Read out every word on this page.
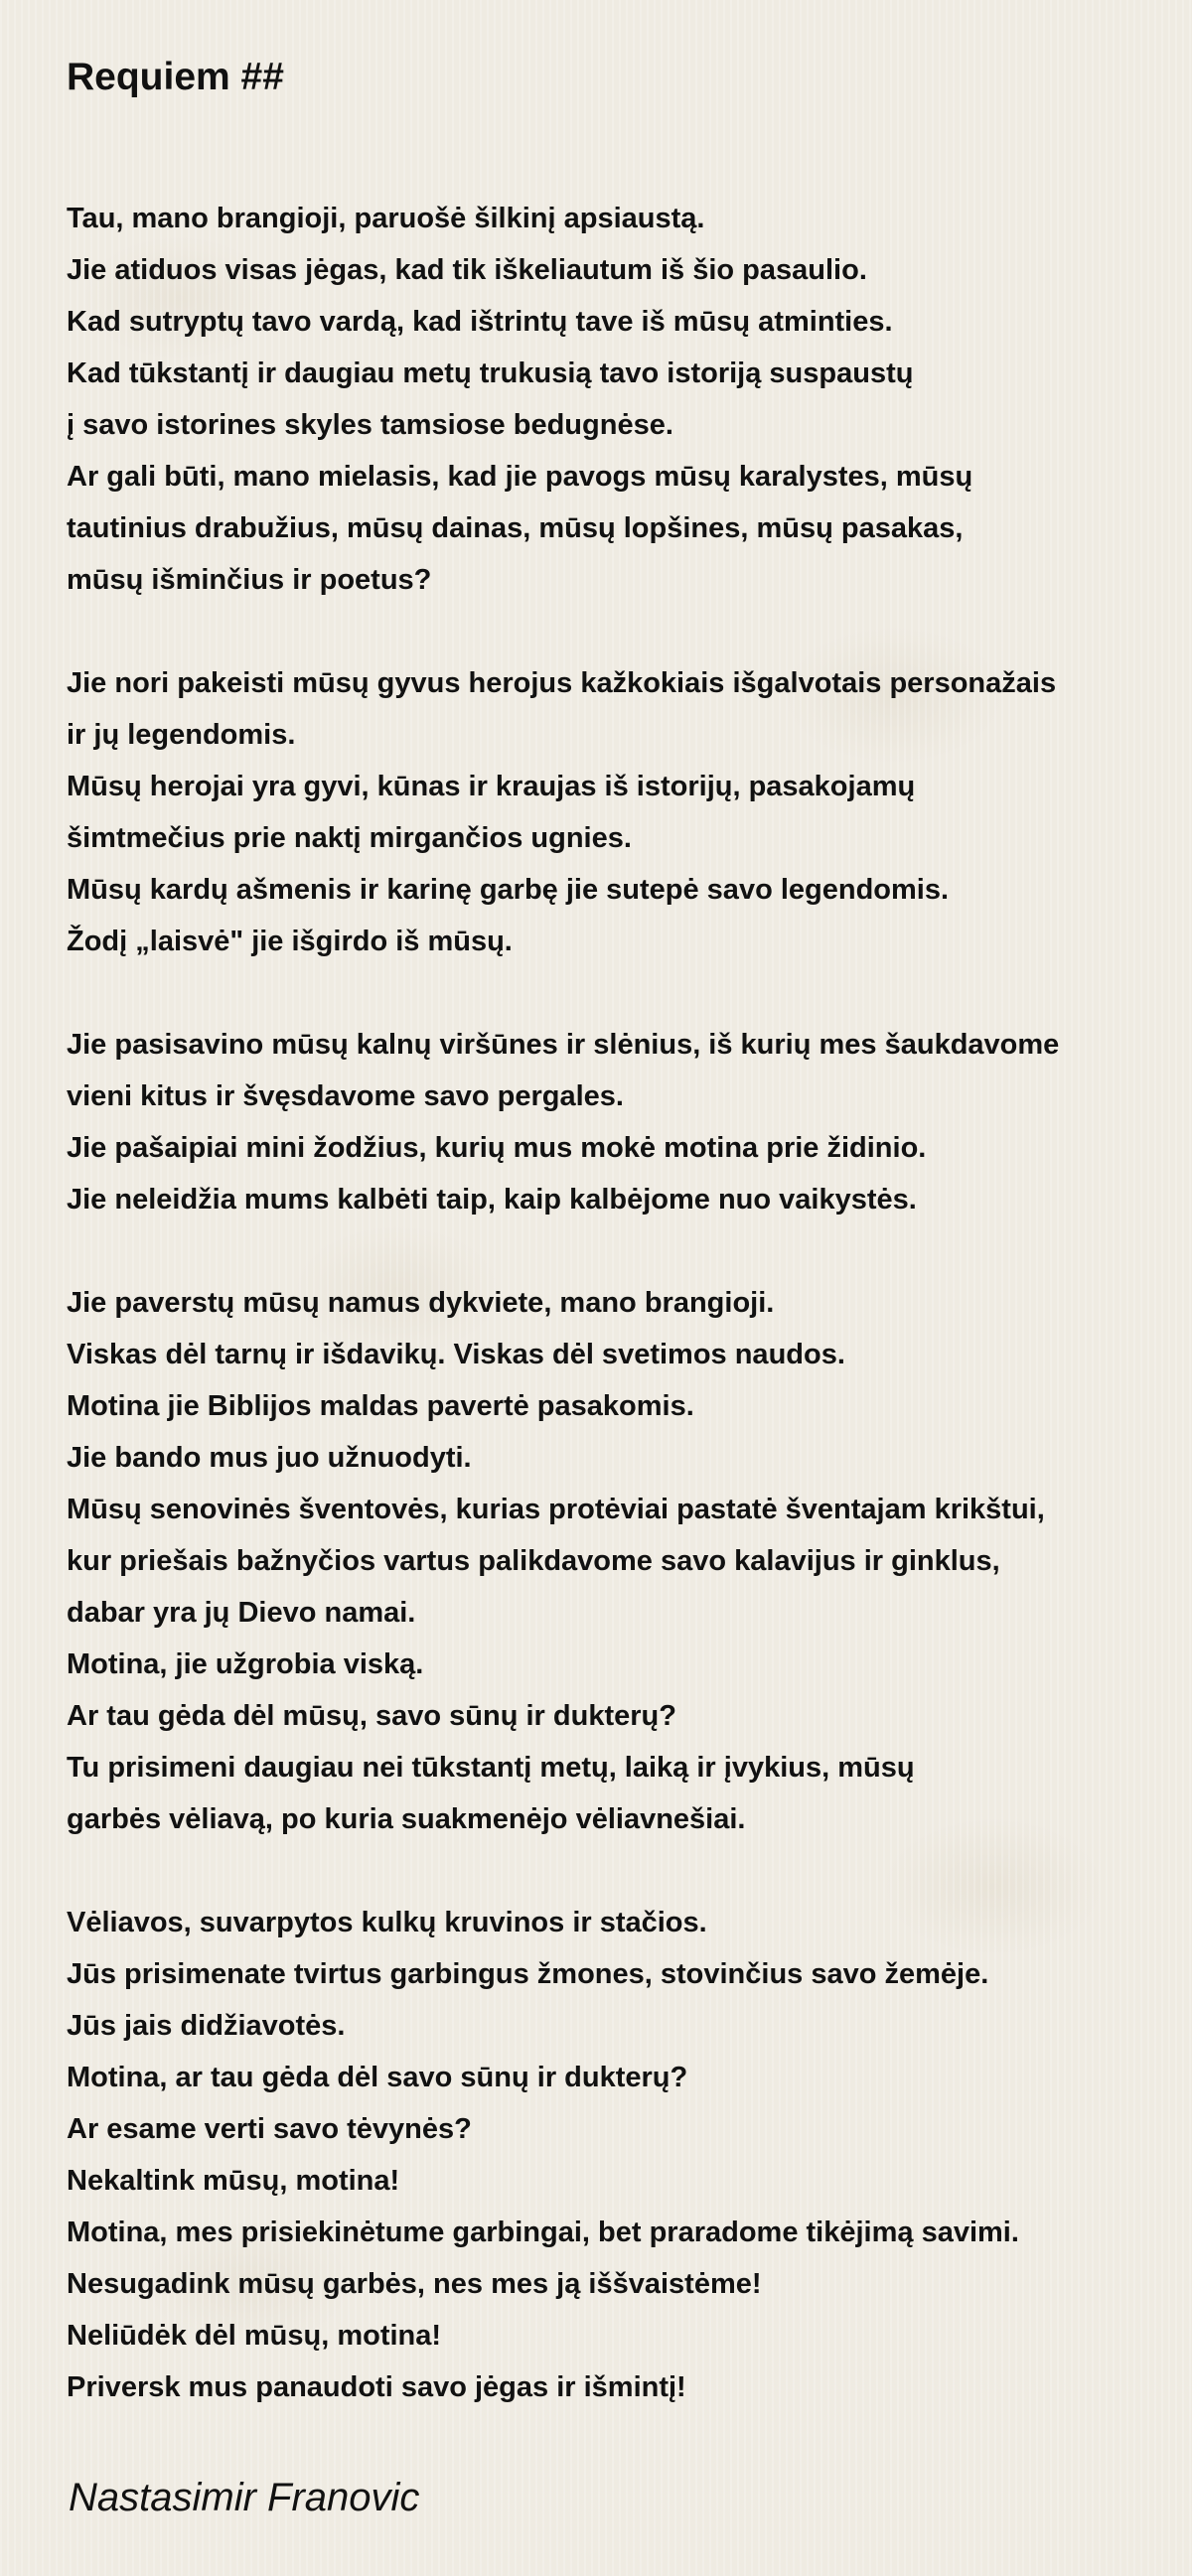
Requiem ##
Tau, mano brangioji, paruošė šilkinį apsiaustą.
Jie atiduos visas jėgas, kad tik iškeliautum iš šio pasaulio.
Kad sutryptų tavo vardą, kad ištrintų tave iš mūsų atminties.
Kad tūkstantį ir daugiau metų trukusią tavo istoriją suspaustų
į savo istorines skyles tamsiose bedugnėse.
Ar gali būti, mano mielasis, kad jie pavogs mūsų karalystes, mūsų
tautinius drabužius, mūsų dainas, mūsų lopšines, mūsų pasakas,
mūsų išminčius ir poetus?
Jie nori pakeisti mūsų gyvus herojus kažkokiais išgalvotais personažais
ir jų legendomis.
Mūsų herojai yra gyvi, kūnas ir kraujas iš istorijų, pasakojamų
šimtmečius prie naktį mirgančios ugnies.
Mūsų kardų ašmenis ir karinę garbę jie sutepė savo legendomis.
Žodį „laisvė" jie išgirdo iš mūsų.
Jie pasisavino mūsų kalnų viršūnes ir slėnius, iš kurių mes šaukdavome
vieni kitus ir švęsdavome savo pergales.
Jie pašaipiai mini žodžius, kurių mus mokė motina prie židinio.
Jie neleidžia mums kalbėti taip, kaip kalbėjome nuo vaikystės.
Jie paverstų mūsų namus dykviete, mano brangioji.
Viskas dėl tarnų ir išdavikų. Viskas dėl svetimos naudos.
Motina jie Biblijos maldas pavertė pasakomis.
Jie bando mus juo užnuodyti.
Mūsų senovinės šventovės, kurias protėviai pastatė šventajam krikštui,
kur priešais bažnyčios vartus palikdavome savo kalavijus ir ginklus,
dabar yra jų Dievo namai.
Motina, jie užgrobia viską.
Ar tau gėda dėl mūsų, savo sūnų ir dukterų?
Tu prisimeni daugiau nei tūkstantį metų, laiką ir įvykius, mūsų
garbės vėliavą, po kuria suakmenėjo vėliavnešiai.
Vėliavos, suvarpytos kulkų kruvinos ir stačios.
Jūs prisimenate tvirtus garbingus žmones, stovinčius savo žemėje.
Jūs jais didžiavotės.
Motina, ar tau gėda dėl savo sūnų ir dukterų?
Ar esame verti savo tėvynės?
Nekaltink mūsų, motina!
Motina, mes prisiekinėtume garbingai, bet praradome tikėjimą savimi.
Nesugadink mūsų garbės, nes mes ją iššvaistėme!
Neliūdėk dėl mūsų, motina!
Priversk mus panaudoti savo jėgas ir išmintį!
Nastasimir Franovic
